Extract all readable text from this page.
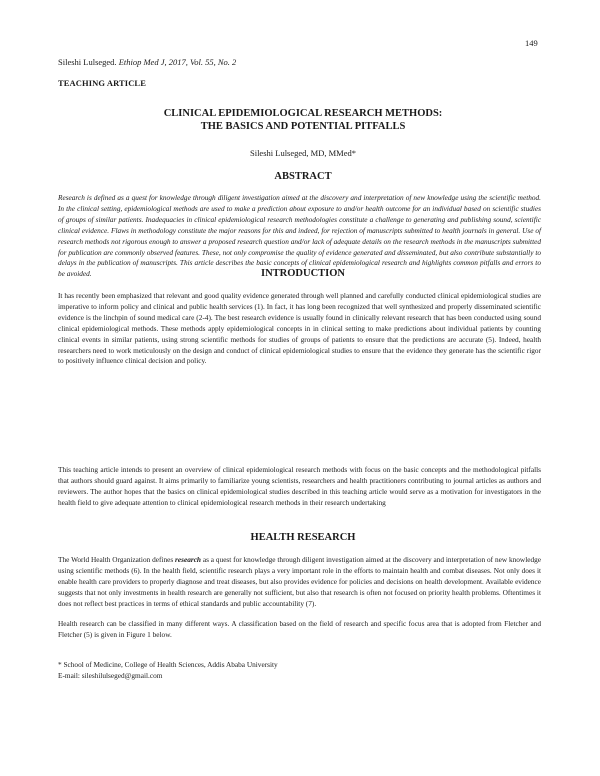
149
Sileshi Lulseged. Ethiop Med J, 2017, Vol. 55, No. 2
TEACHING ARTICLE
CLINICAL EPIDEMIOLOGICAL RESEARCH METHODS:
THE BASICS AND POTENTIAL PITFALLS
Sileshi Lulseged, MD, MMed*
ABSTRACT

Research is defined as a quest for knowledge through diligent investigation aimed at the discovery and interpretation of new knowledge using the scientific method. In the clinical setting, epidemiological methods are used to make a prediction about exposure to and/or health outcome for an individual based on scientific studies of groups of similar patients. Inadequacies in clinical epidemiological research methodologies constitute a challenge to generating and publishing sound, scientific clinical evidence. Flaws in methodology constitute the major reasons for this and indeed, for rejection of manuscripts submitted to health journals in general. Use of research methods not rigorous enough to answer a proposed research question and/or lack of adequate details on the research methods in the manuscripts submitted for publication are commonly observed features. These, not only compromise the quality of evidence generated and disseminated, but also contribute substantially to delays in the publication of manuscripts. This article describes the basic concepts of clinical epidemiological research and highlights common pitfalls and errors to be avoided.	INTRODUCTION

It has recently been emphasized that relevant and good quality evidence generated through well planned and carefully conducted clinical epidemiological studies are imperative to inform policy and clinical and public health services (1). In fact, it has long been recognized that well synthesized and properly disseminated scientific evidence is the linchpin of sound medical care (2-4). The best research evidence is usually found in clinically relevant research that has been conducted using sound clinical epidemiological methods. These methods apply epidemiological concepts in in clinical setting to make predictions about individual patients by counting clinical events in similar patients, using strong scientific methods for studies of groups of patients to ensure that the predictions are accurate (5). Indeed, health researchers need to work meticulously on the design and conduct of clinical epidemiological studies to ensure that the evidence they generate has the scientific rigor to positively influence clinical decision and policy.

This teaching article intends to present an overview of clinical epidemiological research methods with focus on the basic concepts and the methodological pitfalls that authors should guard against. It aims primarily to familiarize young scientists, researchers and health practitioners contributing to journal articles as authors and reviewers. The author hopes that the basics on clinical epidemiological studies described in this teaching article would serve as a motivation for investigators in the health field to give adequate attention to clinical epidemiological research methods in their research undertaking

HEALTH RESEARCH

The World Health Organization defines research as a quest for knowledge through diligent investigation aimed at the discovery and interpretation of new knowledge using scientific methods (6). In the health field, scientific research plays a very important role in the efforts to maintain health and combat diseases. Not only does it enable health care providers to properly diagnose and treat diseases, but also provides evidence for policies and decisions on health development. Available evidence suggests that not only investments in health research are generally not sufficient, but also that research is often not focused on priority health problems. Oftentimes it does not reflect best practices in terms of ethical standards and public accountability (7).

Health research can be classified in many different ways. A classification based on the field of research and specific focus area that is adopted from Fletcher and Fletcher (5) is given in Figure 1 below.

* School of Medicine, College of Health Sciences, Addis Ababa University
E-mail: sileshilulseged@gmail.com
